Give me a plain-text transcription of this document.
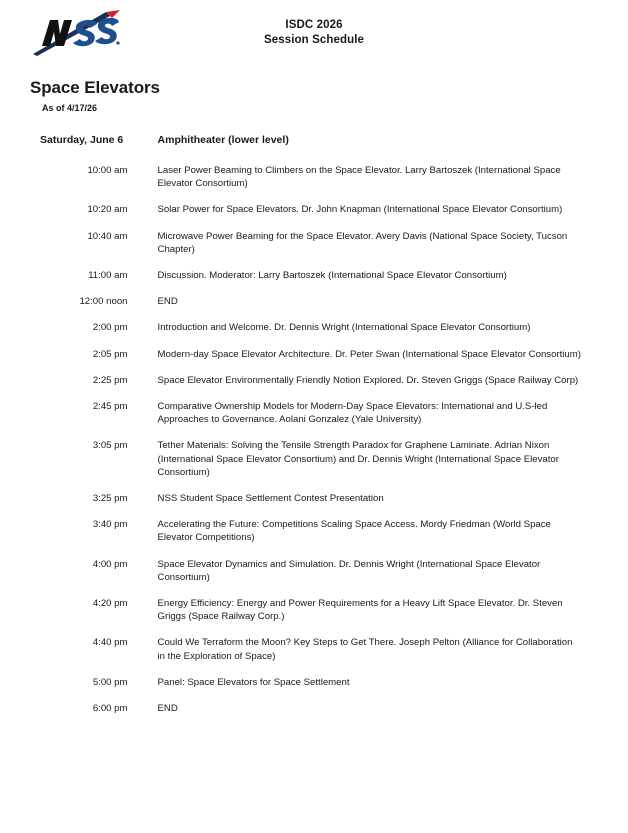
ISDC 2026
Session Schedule
Space Elevators
As of 4/17/26
Saturday, June 6		Amphitheater (lower level)
10:00 am		Laser Power Beaming to Climbers on the Space Elevator. Larry Bartoszek (International Space Elevator Consortium)
10:20 am		Solar Power for Space Elevators. Dr. John Knapman (International Space Elevator Consortium)
10:40 am		Microwave Power Beaming for the Space Elevator. Avery Davis (National Space Society, Tucson Chapter)
11:00 am		Discussion. Moderator: Larry Bartoszek (International Space Elevator Consortium)
12:00 noon		END
2:00 pm		Introduction and Welcome. Dr. Dennis Wright (International Space Elevator Consortium)
2:05 pm		Modern-day Space Elevator Architecture. Dr. Peter Swan (International Space Elevator Consortium)
2:25 pm		Space Elevator Environmentally Friendly Notion Explored. Dr. Steven Griggs (Space Railway Corp)
2:45 pm		Comparative Ownership Models for Modern-Day Space Elevators: International and U.S-led Approaches to Governance. Aolani Gonzalez (Yale University)
3:05 pm		Tether Materials: Solving the Tensile Strength Paradox for Graphene Laminate. Adrian Nixon (International Space Elevator Consortium) and Dr. Dennis Wright (International Space Elevator Consortium)
3:25 pm		NSS Student Space Settlement Contest Presentation
3:40 pm		Accelerating the Future: Competitions Scaling Space Access. Mordy Friedman (World Space Elevator Competitions)
4:00 pm		Space Elevator Dynamics and Simulation. Dr. Dennis Wright (International Space Elevator Consortium)
4:20 pm		Energy Efficiency: Energy and Power Requirements for a Heavy Lift Space Elevator. Dr. Steven Griggs (Space Railway Corp.)
4:40 pm		Could We Terraform the Moon? Key Steps to Get There. Joseph Pelton (Alliance for Collaboration in the Exploration of Space)
5:00 pm		Panel: Space Elevators for Space Settlement
6:00 pm		END
